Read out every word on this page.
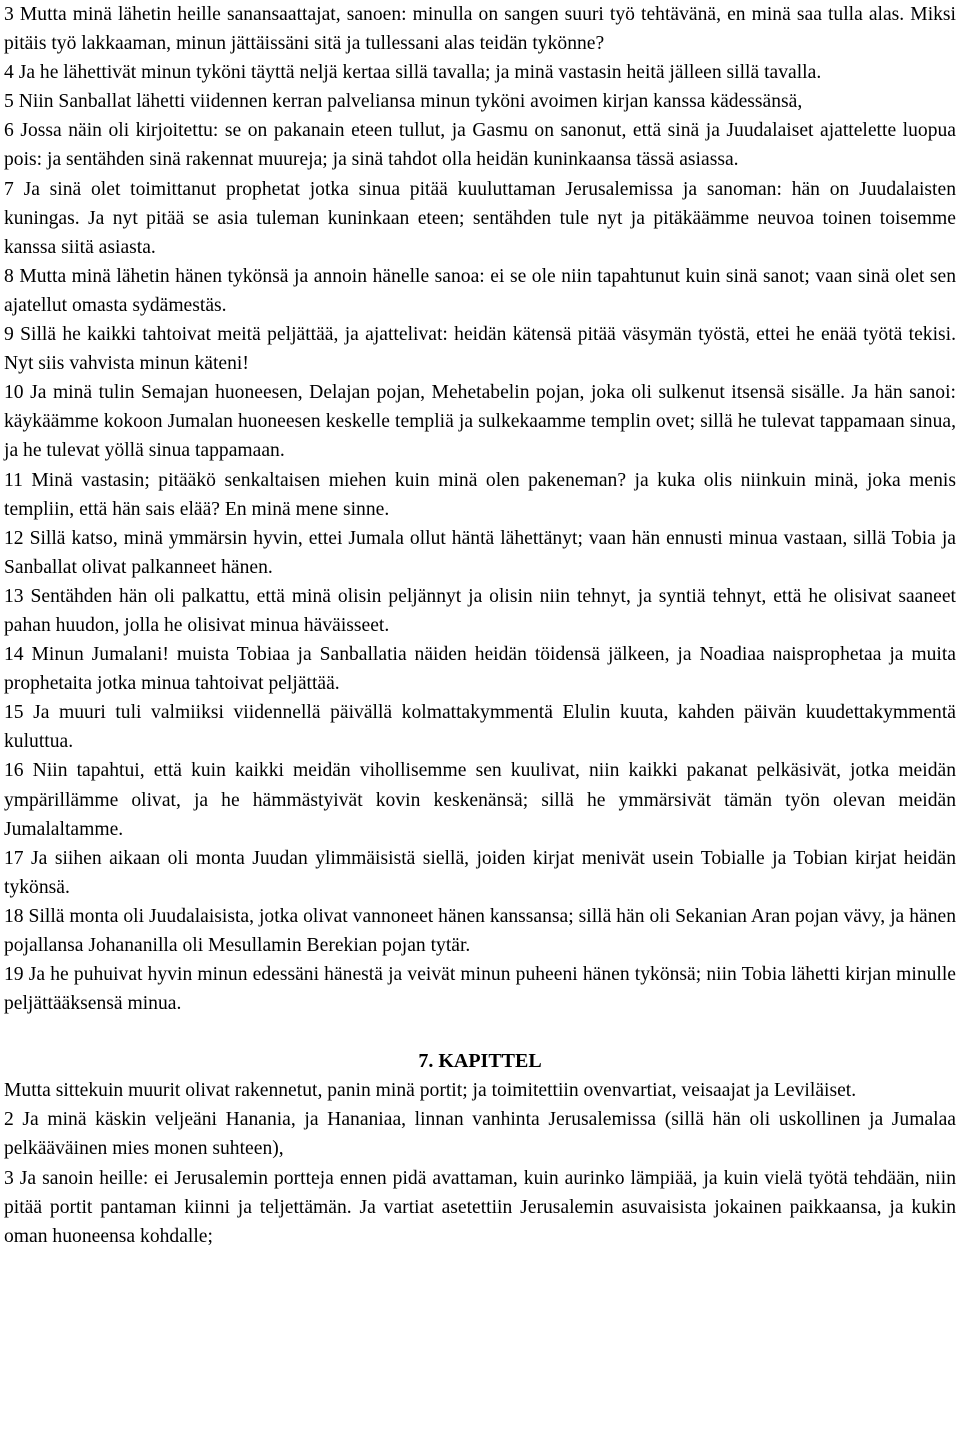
3 Mutta minä lähetin heille sanansaattajat, sanoen: minulla on sangen suuri työ tehtävänä, en minä saa tulla alas. Miksi pitäis työ lakkaaman, minun jättäissäni sitä ja tullessani alas teidän tykönne?

4 Ja he lähettivät minun tyköni täyttä neljä kertaa sillä tavalla; ja minä vastasin heitä jälleen sillä tavalla.

5 Niin Sanballat lähetti viidennen kerran palveliansa minun tyköni avoimen kirjan kanssa kädessänsä,

6 Jossa näin oli kirjoitettu: se on pakanain eteen tullut, ja Gasmu on sanonut, että sinä ja Juudalaiset ajattelette luopua pois: ja sentähden sinä rakennat muureja; ja sinä tahdot olla heidän kuninkaansa tässä asiassa.

7 Ja sinä olet toimittanut prophetat jotka sinua pitää kuuluttaman Jerusalemissa ja sanoman: hän on Juudalaisten kuningas. Ja nyt pitää se asia tuleman kuninkaan eteen; sentähden tule nyt ja pitäkäämme neuvoa toinen toisemme kanssa siitä asiasta.

8 Mutta minä lähetin hänen tykönsä ja annoin hänelle sanoa: ei se ole niin tapahtunut kuin sinä sanot; vaan sinä olet sen ajatellut omasta sydämestäs.

9 Sillä he kaikki tahtoivat meitä peljättää, ja ajattelivat: heidän kätensä pitää väsymän työstä, ettei he enää työtä tekisi. Nyt siis vahvista minun käteni!

10 Ja minä tulin Semajan huoneesen, Delajan pojan, Mehetabelin pojan, joka oli sulkenut itsensä sisälle. Ja hän sanoi: käykäämme kokoon Jumalan huoneesen keskelle templiä ja sulkekaamme templin ovet; sillä he tulevat tappamaan sinua, ja he tulevat yöllä sinua tappamaan.

11 Minä vastasin; pitääkö senkaltaisen miehen kuin minä olen pakeneman? ja kuka olis niinkuin minä, joka menis templiin, että hän sais elää? En minä mene sinne.

12 Sillä katso, minä ymmärsin hyvin, ettei Jumala ollut häntä lähettänyt; vaan hän ennusti minua vastaan, sillä Tobia ja Sanballat olivat palkanneet hänen.

13 Sentähden hän oli palkattu, että minä olisin peljännyt ja olisin niin tehnyt, ja syntiä tehnyt, että he olisivat saaneet pahan huudon, jolla he olisivat minua häväisseet.

14 Minun Jumalani! muista Tobiaa ja Sanballatia näiden heidän töidensä jälkeen, ja Noadiaa naisprophetaa ja muita prophetaita jotka minua tahtoivat peljättää.

15 Ja muuri tuli valmiiksi viidennellä päivällä kolmattakymmentä Elulin kuuta, kahden päivän kuudettakymmentä kuluttua.

16 Niin tapahtui, että kuin kaikki meidän vihollisemme sen kuulivat, niin kaikki pakanat pelkäsivät, jotka meidän ympärillämme olivat, ja he hämmästyivät kovin keskenänsä; sillä he ymmärsivät tämän työn olevan meidän Jumalaltamme.

17 Ja siihen aikaan oli monta Juudan ylimmäisistä siellä, joiden kirjat menivät usein Tobialle ja Tobian kirjat heidän tykönsä.

18 Sillä monta oli Juudalaisista, jotka olivat vannoneet hänen kanssansa; sillä hän oli Sekanian Aran pojan vävy, ja hänen pojallansa Johananilla oli Mesullamin Berekian pojan tytär.

19 Ja he puhuivat hyvin minun edessäni hänestä ja veivät minun puheeni hänen tykönsä; niin Tobia lähetti kirjan minulle peljättääksensä minua.

7. KAPITTEL

Mutta sittekuin muurit olivat rakennetut, panin minä portit; ja toimitettiin ovenvartiat, veisaajat ja Leviläiset.

2 Ja minä käskin veljeäni Hanania, ja Hananiaa, linnan vanhinta Jerusalemissa (sillä hän oli uskollinen ja Jumalaa pelkääväinen mies monen suhteen),

3 Ja sanoin heille: ei Jerusalemin portteja ennen pidä avattaman, kuin aurinko lämpiää, ja kuin vielä työtä tehdään, niin pitää portit pantaman kiinni ja teljettämän. Ja vartiat asetettiin Jerusalemin asuvaisista jokainen paikkaansa, ja kukin oman huoneensa kohdalle;
